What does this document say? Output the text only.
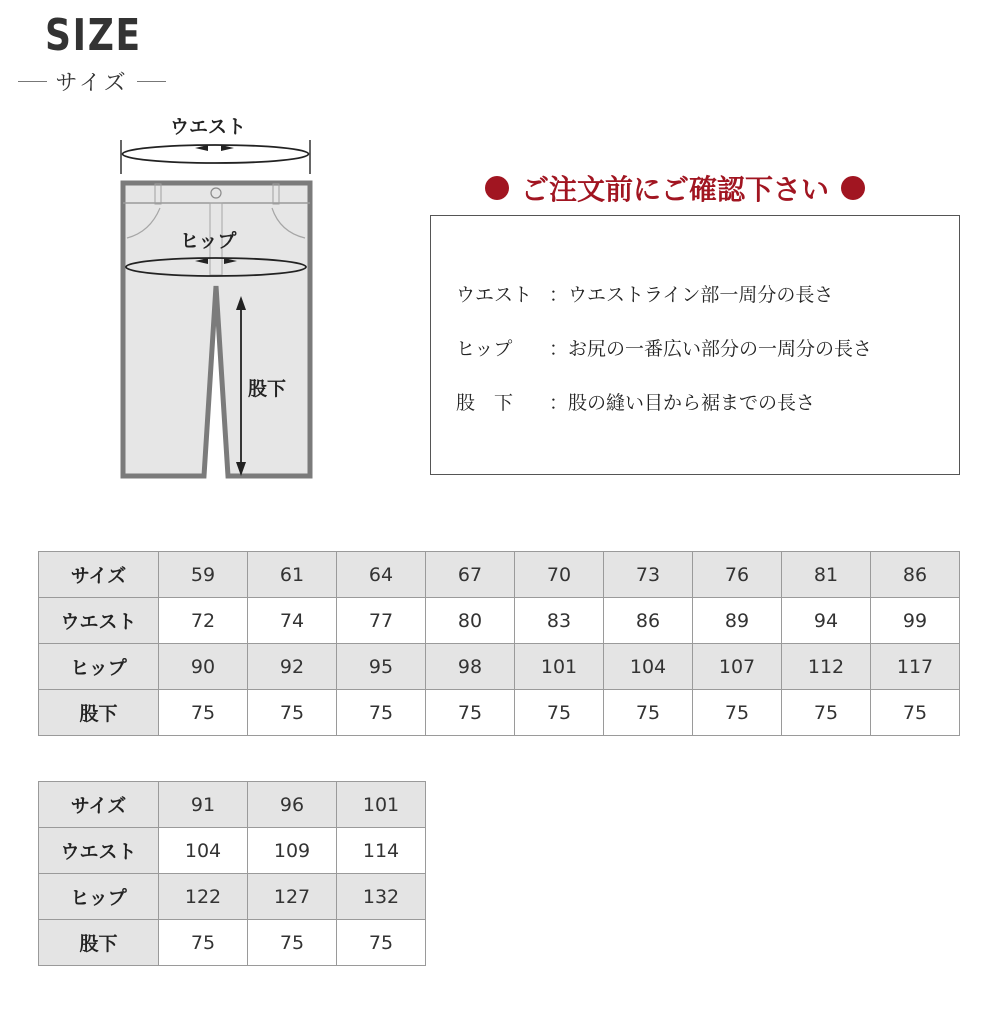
SIZE
サイズ
ウエスト
ヒップ
股下
ご注文前にご確認下さい
ウエスト ：ウエストライン部一周分の長さ
ヒップ	：お尻の一番広い部分の一周分の長さ
股　下	：股の縫い目から裾までの長さ
サイズ	59	61	64	67	70	73	76	81	86
ウエスト	72	74	77	80	83	86	89	94	99
ヒップ	90	92	95	98	101	104	107	112	117
股下	75	75	75	75	75	75	75	75	75
サイズ	91	96	101
ウエスト	104	109	114
ヒップ	122	127	132
股下	75	75	75
